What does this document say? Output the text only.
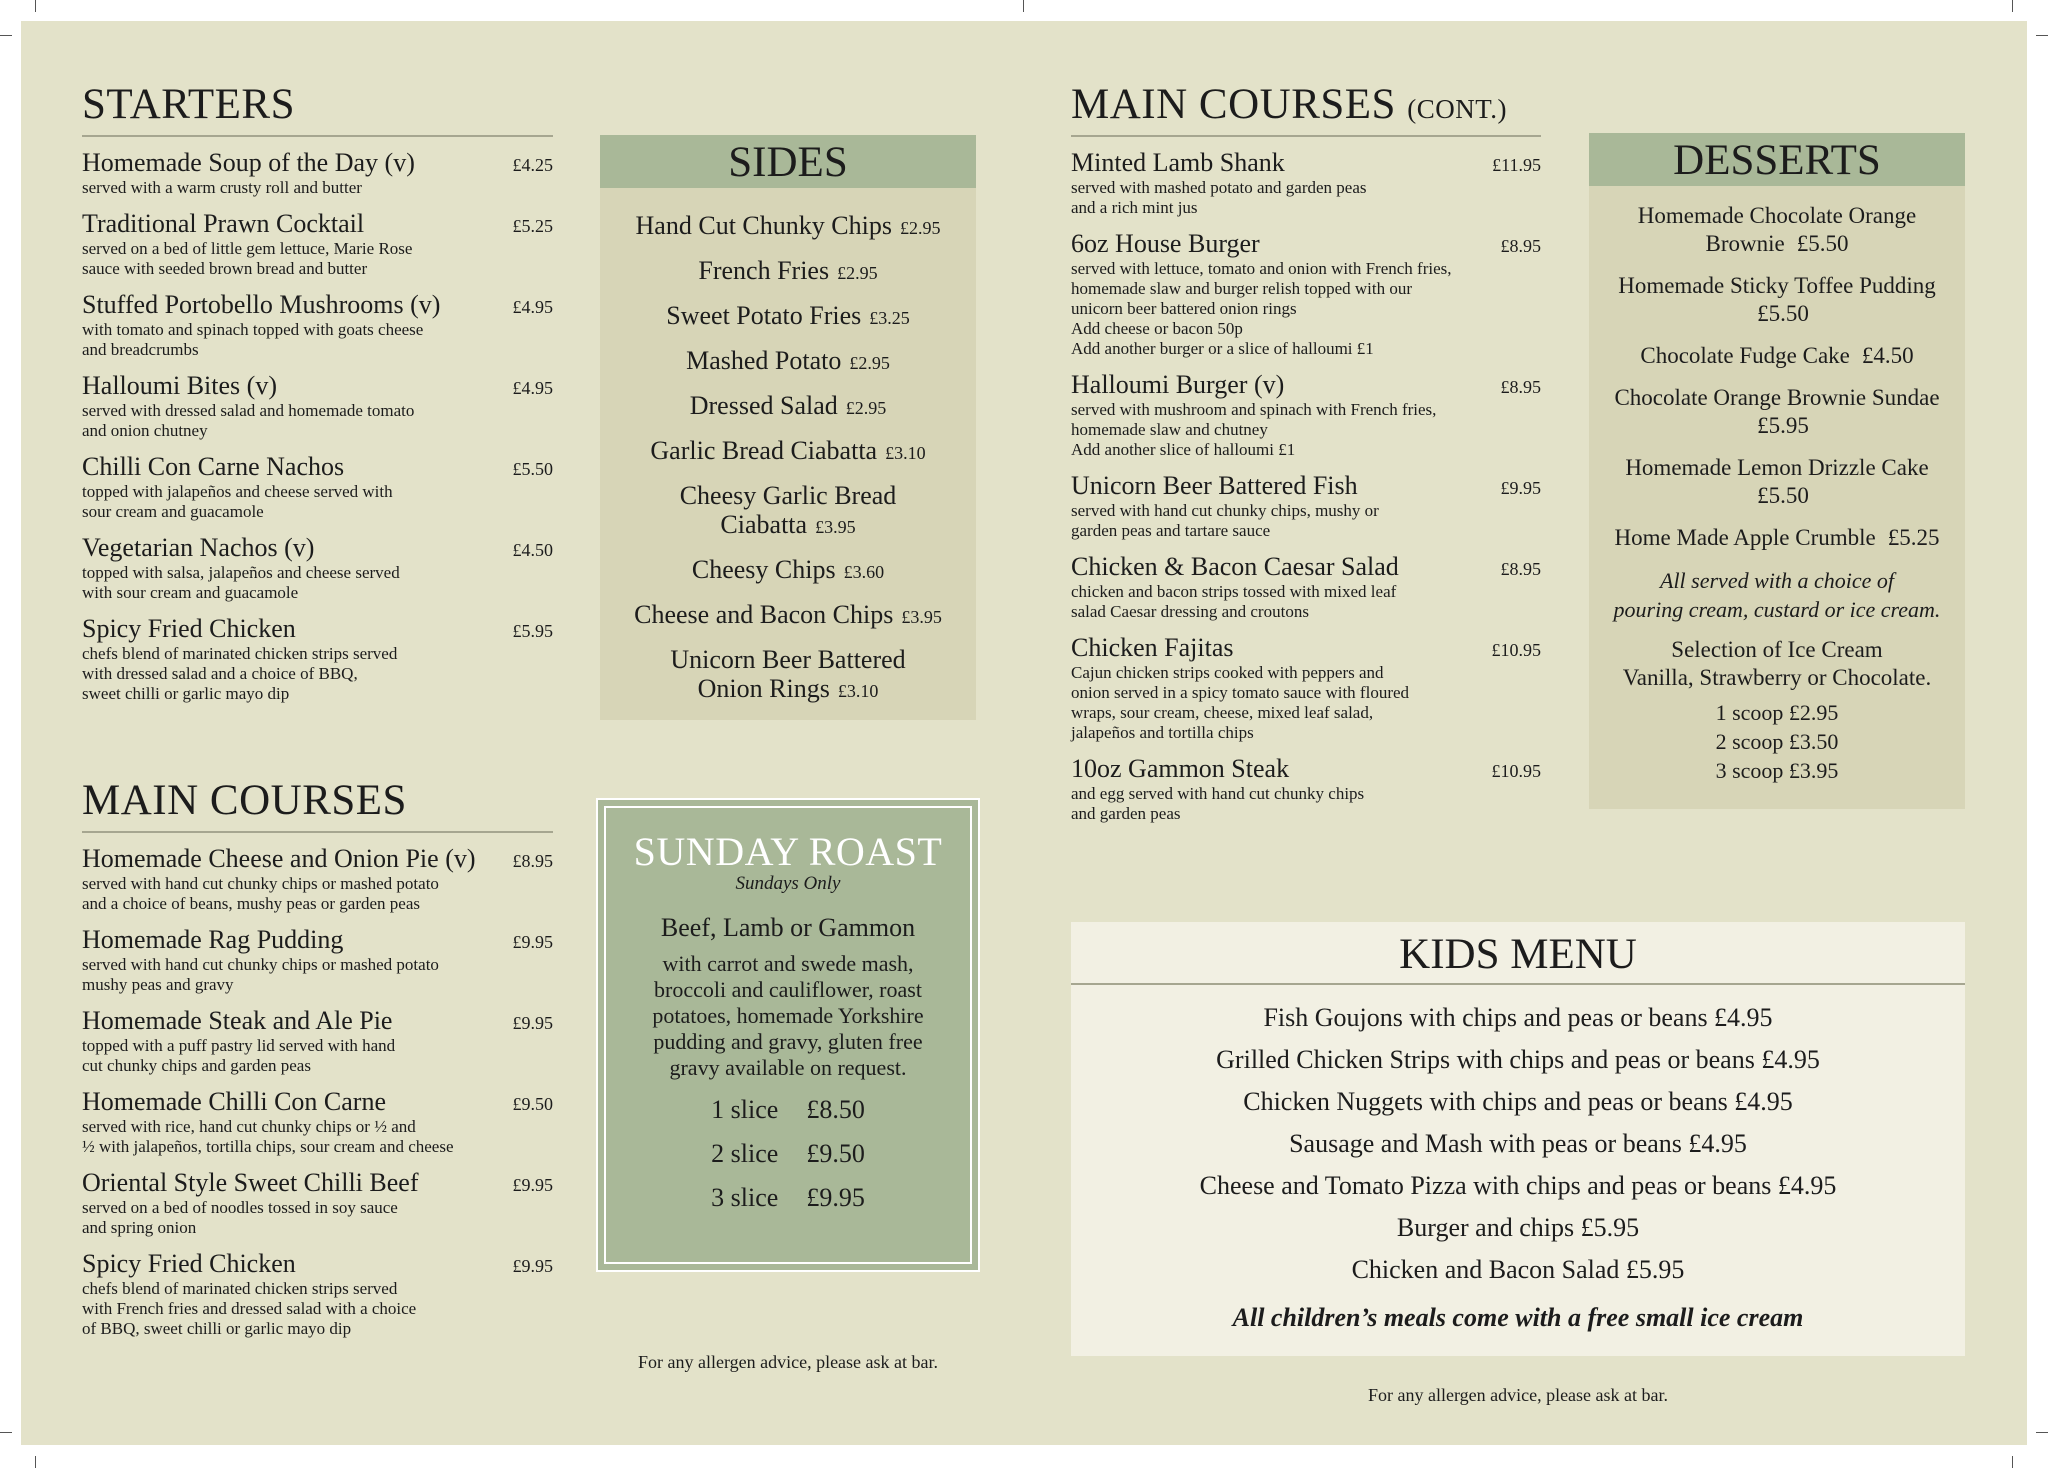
STARTERS
Homemade Soup of the Day (v)	£4.25
served with a warm crusty roll and butter
Traditional Prawn Cocktail	£5.25
served on a bed of little gem lettuce, Marie Rose
sauce with seeded brown bread and butter
Stuffed Portobello Mushrooms (v)	£4.95
with tomato and spinach topped with goats cheese
and breadcrumbs
Halloumi Bites (v)	£4.95
served with dressed salad and homemade tomato
and onion chutney
Chilli Con Carne Nachos	£5.50
topped with jalapeños and cheese served with
sour cream and guacamole
Vegetarian Nachos (v)	£4.50
topped with salsa, jalapeños and cheese served
with sour cream and guacamole
Spicy Fried Chicken	£5.95
chefs blend of marinated chicken strips served
with dressed salad and a choice of BBQ,
sweet chilli or garlic mayo dip
MAIN COURSES
Homemade Cheese and Onion Pie (v) £8.95
served with hand cut chunky chips or mashed potato
and a choice of beans, mushy peas or garden peas
Homemade Rag Pudding	£9.95
served with hand cut chunky chips or mashed potato
mushy peas and gravy
Homemade Steak and Ale Pie	£9.95
topped with a puff pastry lid served with hand
cut chunky chips and garden peas
Homemade Chilli Con Carne	£9.50
served with rice, hand cut chunky chips or ½ and
½ with jalapeños, tortilla chips, sour cream and cheese
Oriental Style Sweet Chilli Beef	£9.95
served on a bed of noodles tossed in soy sauce
and spring onion
Spicy Fried Chicken	£9.95
chefs blend of marinated chicken strips served
with French fries and dressed salad with a choice
of BBQ, sweet chilli or garlic mayo dip
SIDES
Hand Cut Chunky Chips £2.95
French Fries £2.95
Sweet Potato Fries £3.25
Mashed Potato £2.95
Dressed Salad £2.95
Garlic Bread Ciabatta £3.10
Cheesy Garlic Bread Ciabatta £3.95
Cheesy Chips £3.60
Cheese and Bacon Chips £3.95
Unicorn Beer Battered
Onion Rings £3.10
SUNDAY ROAST
Sundays Only
Beef, Lamb or Gammon
with carrot and swede mash, broccoli and cauliflower, roast potatoes, homemade Yorkshire pudding and gravy, gluten free gravy available on request.
1 slice £8.50
2 slice £9.50
3 slice £9.95
For any allergen advice, please ask at bar.
MAIN COURSES (CONT.)
Minted Lamb Shank	£11.95
served with mashed potato and garden peas
and a rich mint jus
6oz House Burger	£8.95
served with lettuce, tomato and onion with French fries,
homemade slaw and burger relish topped with our
unicorn beer battered onion rings
Add cheese or bacon 50p
Add another burger or a slice of halloumi £1
Halloumi Burger (v)	£8.95
served with mushroom and spinach with French fries,
homemade slaw and chutney
Add another slice of halloumi £1
Unicorn Beer Battered Fish	£9.95
served with hand cut chunky chips, mushy or
garden peas and tartare sauce
Chicken & Bacon Caesar Salad	£8.95
chicken and bacon strips tossed with mixed leaf
salad Caesar dressing and croutons
Chicken Fajitas	£10.95
Cajun chicken strips cooked with peppers and
onion served in a spicy tomato sauce with floured
wraps, sour cream, cheese, mixed leaf salad,
jalapeños and tortilla chips
10oz Gammon Steak	£10.95
and egg served with hand cut chunky chips
and garden peas
DESSERTS
Homemade Chocolate Orange
Brownie £5.50
Homemade Sticky Toffee Pudding
£5.50
Chocolate Fudge Cake £4.50
Chocolate Orange Brownie Sundae
£5.95
Homemade Lemon Drizzle Cake
£5.50
Home Made Apple Crumble £5.25
All served with a choice of
pouring cream, custard or ice cream.
Selection of Ice Cream
Vanilla, Strawberry or Chocolate.
1 scoop £2.95
2 scoop £3.50
3 scoop £3.95
KIDS MENU
Fish Goujons with chips and peas or beans £4.95
Grilled Chicken Strips with chips and peas or beans £4.95
Chicken Nuggets with chips and peas or beans £4.95
Sausage and Mash with peas or beans £4.95
Cheese and Tomato Pizza with chips and peas or beans £4.95
Burger and chips £5.95
Chicken and Bacon Salad £5.95
All children’s meals come with a free small ice cream
For any allergen advice, please ask at bar.
